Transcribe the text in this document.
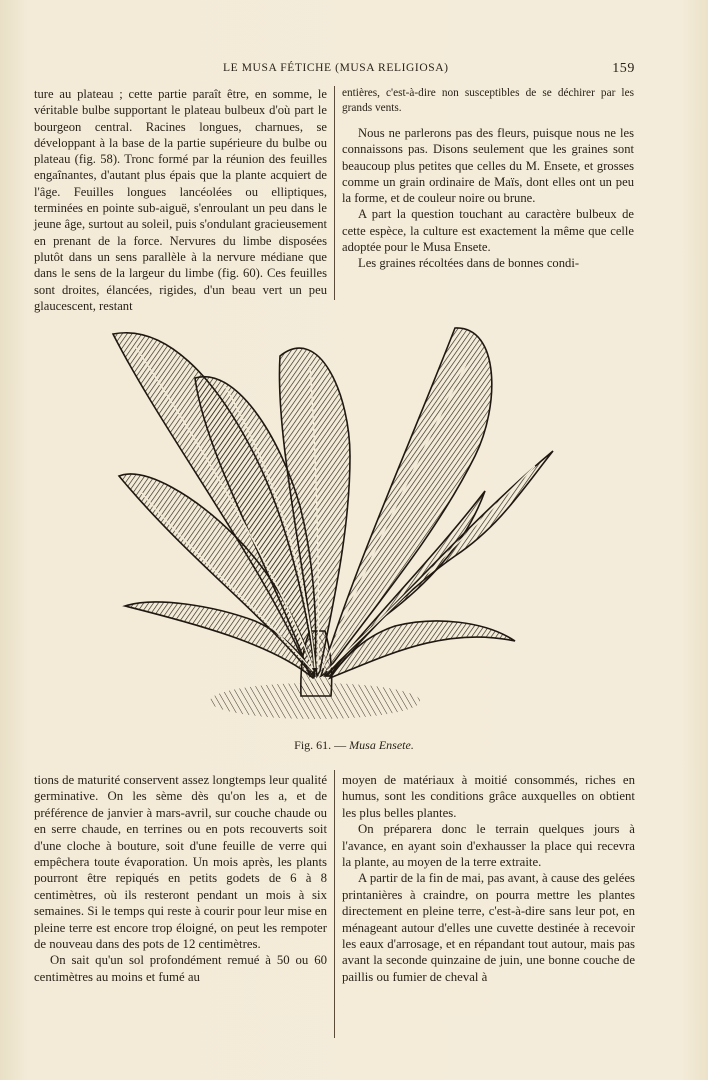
LE MUSA FÉTICHE (MUSA RELIGIOSA)	159

ture au plateau ; cette partie paraît être, en somme, le véritable bulbe supportant le plateau bulbeux d'où part le bourgeon central. Racines longues, charnues, se développant à la base de la partie supérieure du bulbe ou plateau (fig. 58). Tronc formé par la réunion des feuilles engaînantes, d'autant plus épais que la plante acquiert de l'âge. Feuilles longues lancéolées ou elliptiques, terminées en pointe sub-aiguë, s'enroulant un peu dans le jeune âge, surtout au soleil, puis s'ondulant gracieusement en prenant de la force. Nervures du limbe disposées plutôt dans un sens parallèle à la nervure médiane que dans le sens de la largeur du limbe (fig. 60). Ces feuilles sont droites, élancées, rigides, d'un beau vert un peu glaucescent, restant

entières, c'est-à-dire non susceptibles de se déchirer par les grands vents.

Nous ne parlerons pas des fleurs, puisque nous ne les connaissons pas. Disons seulement que les graines sont beaucoup plus petites que celles du M. Ensete, et grosses comme un grain ordinaire de Maïs, dont elles ont un peu la forme, et de couleur noire ou brune.

A part la question touchant au caractère bulbeux de cette espèce, la culture est exactement la même que celle adoptée pour le Musa Ensete.

Les graines récoltées dans de bonnes condi-

Fig. 61. — Musa Ensete.

tions de maturité conservent assez longtemps leur qualité germinative. On les sème dès qu'on les a, et de préférence de janvier à mars-avril, sur couche chaude ou en serre chaude, en terrines ou en pots recouverts soit d'une cloche à bouture, soit d'une feuille de verre qui empêchera toute évaporation. Un mois après, les plants pourront être repiqués en petits godets de 6 à 8 centimètres, où ils resteront pendant un mois à six semaines. Si le temps qui reste à courir pour leur mise en pleine terre est encore trop éloigné, on peut les rempoter de nouveau dans des pots de 12 centimètres.

On sait qu'un sol profondément remué à 50 ou 60 centimètres au moins et fumé au

moyen de matériaux à moitié consommés, riches en humus, sont les conditions grâce auxquelles on obtient les plus belles plantes.

On préparera donc le terrain quelques jours à l'avance, en ayant soin d'exhausser la place qui recevra la plante, au moyen de la terre extraite.

A partir de la fin de mai, pas avant, à cause des gelées printanières à craindre, on pourra mettre les plantes directement en pleine terre, c'est-à-dire sans leur pot, en ménageant autour d'elles une cuvette destinée à recevoir les eaux d'arrosage, et en répandant tout autour, mais pas avant la seconde quinzaine de juin, une bonne couche de paillis ou fumier de cheval à
